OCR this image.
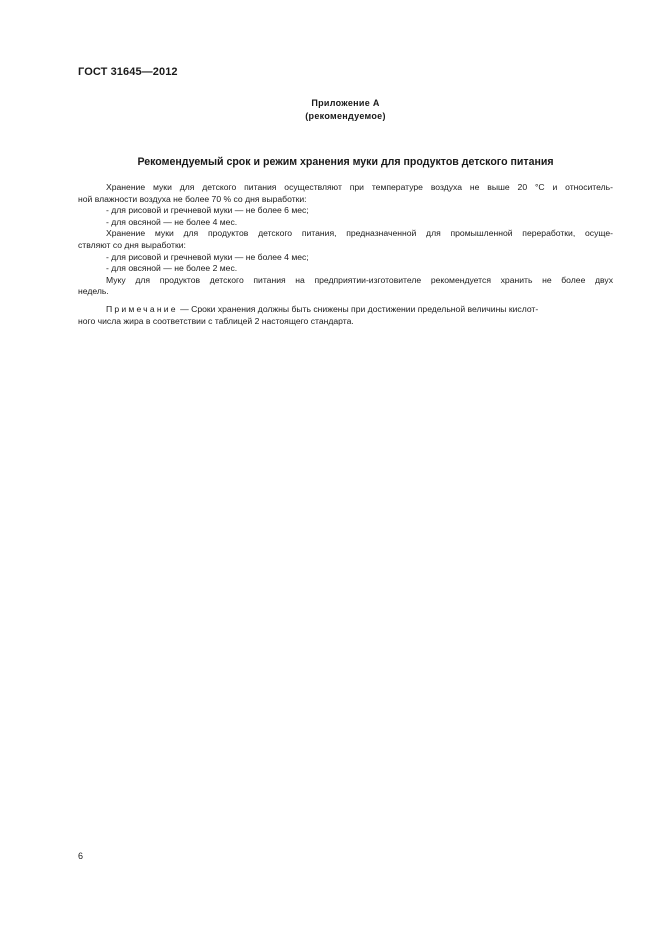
ГОСТ 31645—2012
Приложение А
(рекомендуемое)
Рекомендуемый срок и режим хранения муки для продуктов детского питания
Хранение муки для детского питания осуществляют при температуре воздуха не выше 20 °С и относитель-
ной влажности воздуха не более 70 % со дня выработки:
- для рисовой и гречневой муки — не более 6 мес;
- для овсяной — не более 4 мес.
Хранение муки для продуктов детского питания, предназначенной для промышленной переработки, осуще-
ствляют со дня выработки:
- для рисовой и гречневой муки — не более 4 мес;
- для овсяной — не более 2 мес.
Муку для продуктов детского питания на предприятии-изготовителе рекомендуется хранить не более двух
недель.
Примечание — Сроки хранения должны быть снижены при достижении предельной величины кислот-
ного числа жира в соответствии с таблицей 2 настоящего стандарта.
6
